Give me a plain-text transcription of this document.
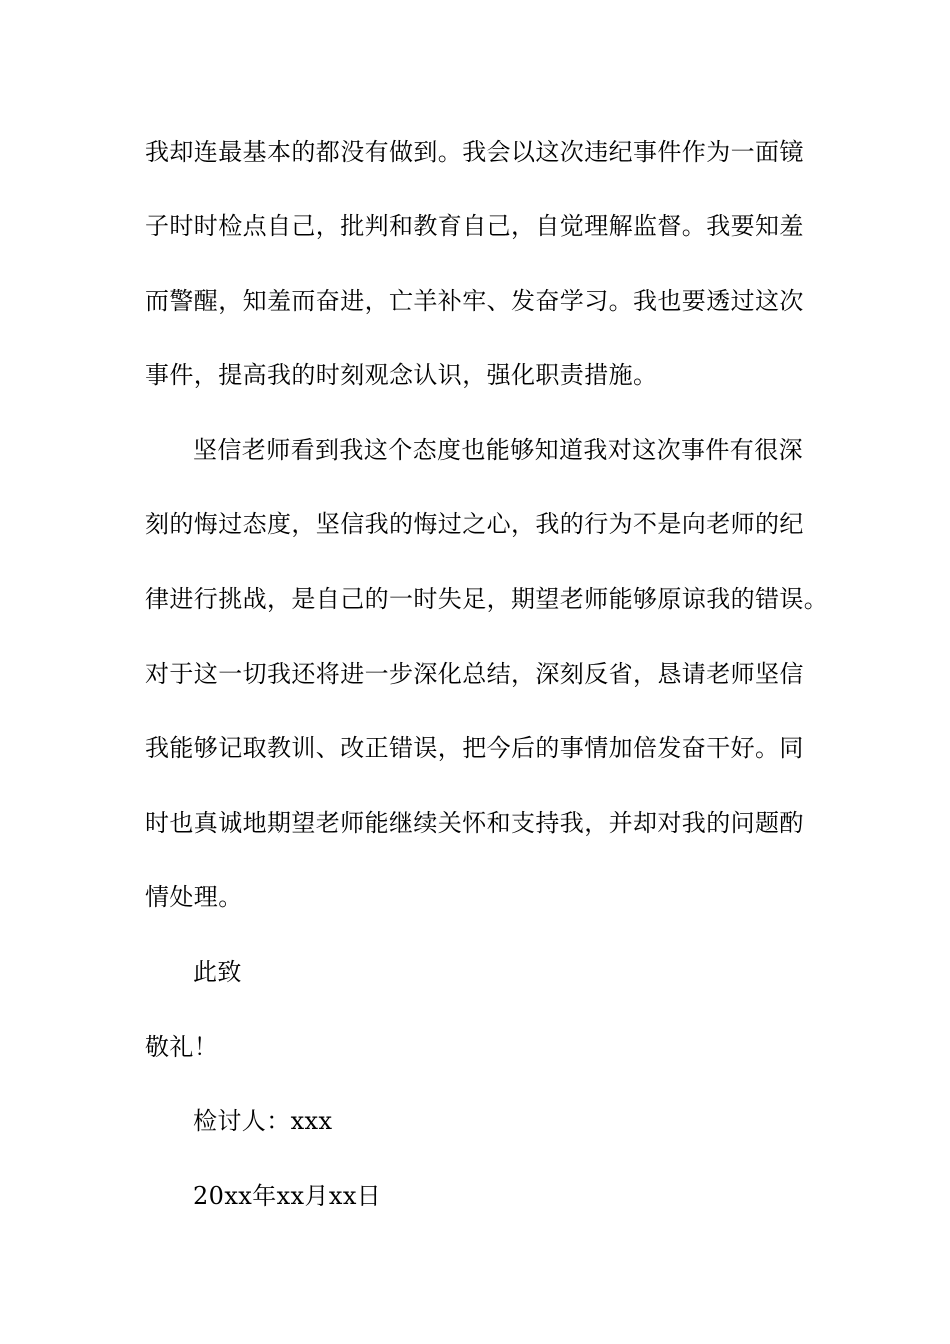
我却连最基本的都没有做到。我会以这次违纪事件作为一面镜
子时时检点自己，批判和教育自己，自觉理解监督。我要知羞
而警醒，知羞而奋进，亡羊补牢、发奋学习。我也要透过这次
事件，提高我的时刻观念认识，强化职责措施。
坚信老师看到我这个态度也能够知道我对这次事件有很深
刻的悔过态度，坚信我的悔过之心，我的行为不是向老师的纪
律进行挑战，是自己的一时失足，期望老师能够原谅我的错误。
对于这一切我还将进一步深化总结，深刻反省，恳请老师坚信
我能够记取教训、改正错误，把今后的事情加倍发奋干好。同
时也真诚地期望老师能继续关怀和支持我，并却对我的问题酌
情处理。
此致
敬礼！
检讨人：xxx
20xx年xx月xx日
